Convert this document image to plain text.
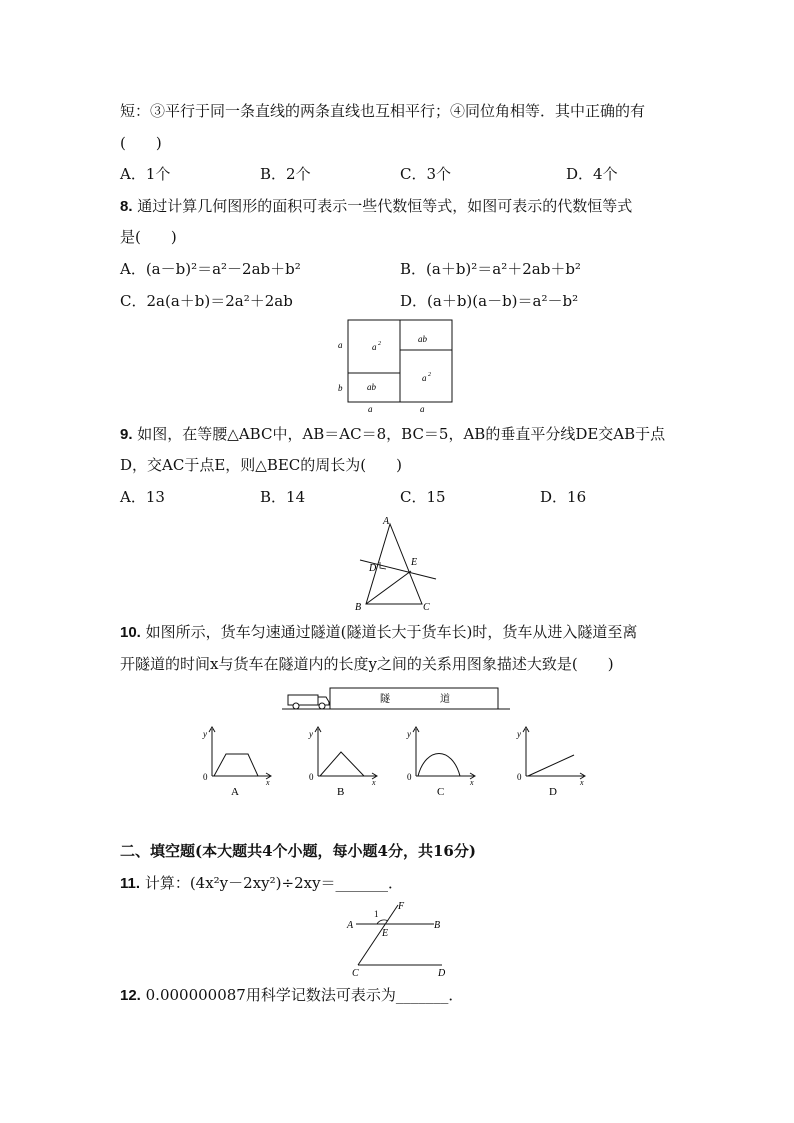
短：③平行于同一条直线的两条直线也互相平行；④同位角相等．其中正确的有
(　　)
A．1个	B．2个	C．3个	D．4个
8. 通过计算几何图形的面积可表示一些代数恒等式，如图可表示的代数恒等式
是(　　)
A．(a－b)²＝a²－2ab＋b²	B．(a＋b)²＝a²＋2ab＋b²
C．2a(a＋b)＝2a²＋2ab	D．(a＋b)(a－b)＝a²－b²
a 2
ab
ab
a 2
a
b
a	a
9. 如图，在等腰△ABC中，AB＝AC＝8，BC＝5，AB的垂直平分线DE交AB于点
D，交AC于点E，则△BEC的周长为(　　)
A．13	B．14	C．15	D．16
A
B	C
D
E
10. 如图所示，货车匀速通过隧道(隧道长大于货车长)时，货车从进入隧道至离
开隧道的时间x与货车在隧道内的长度y之间的关系用图象描述大致是(　　)
隧	道
y
0
x
A
y
0
x
B
y
0
x
C
y
0
x
D
二、填空题(本大题共4个小题，每小题4分，共16分)
11. 计算：(4x²y－2xy²)÷2xy＝_______．
1
A	B
C	D
E
F
12. 0.000000087用科学记数法可表示为_______．
